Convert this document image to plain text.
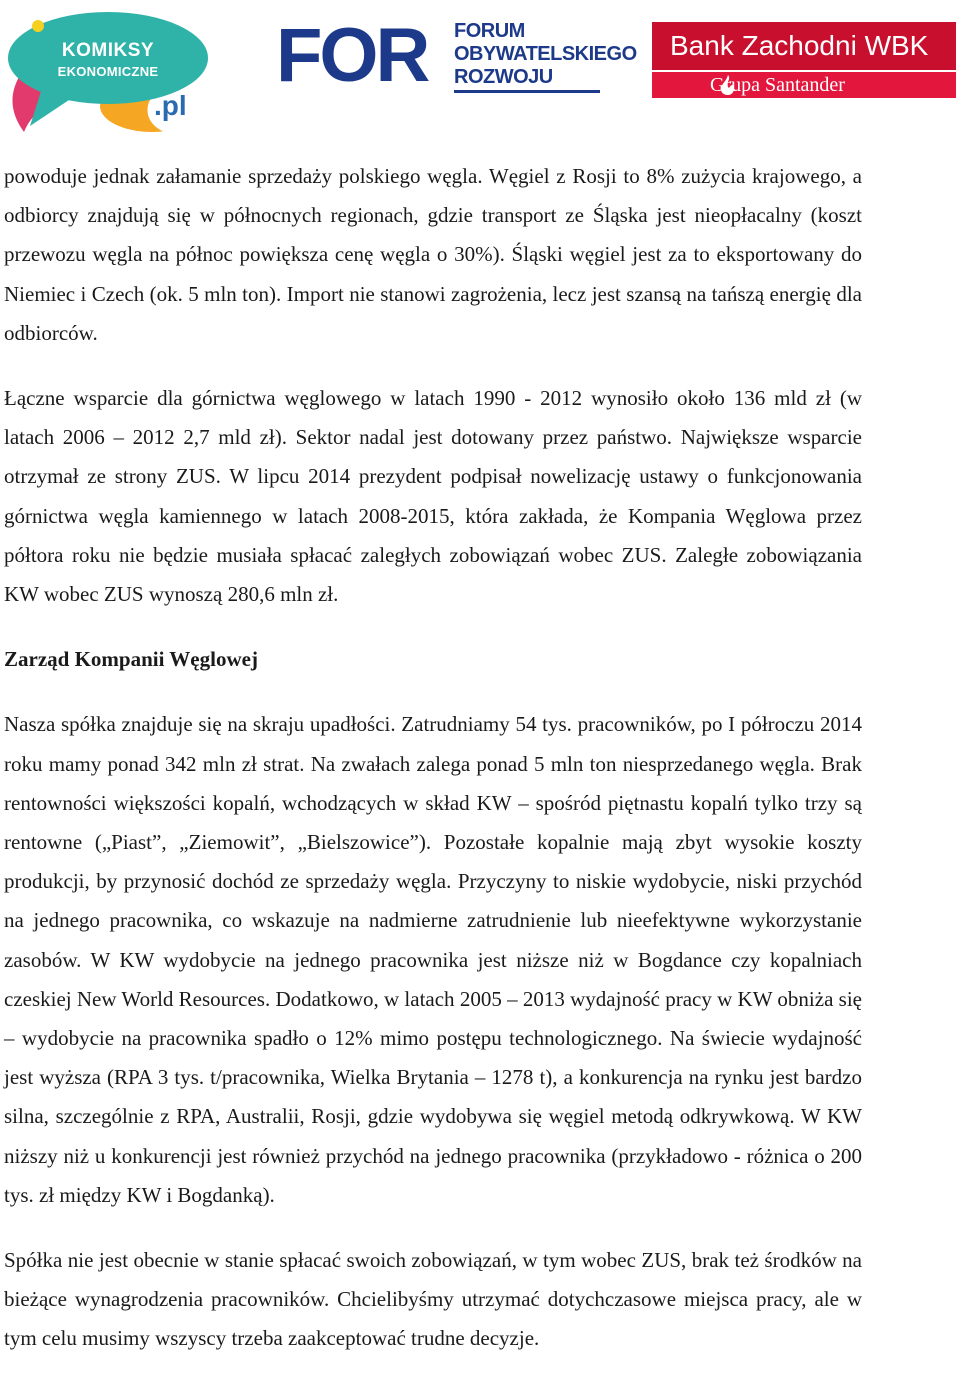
KOMIKSY
EKONOMICZNE
.pl
FOR FORUM
OBYWATELSKIEGO
ROZWOJU
Bank Zachodni WBK
Grupa Santander

powoduje jednak załamanie sprzedaży polskiego węgla. Węgiel z Rosji to 8% zużycia krajowego, a odbiorcy znajdują się w północnych regionach, gdzie transport ze Śląska jest nieopłacalny (koszt przewozu węgla na północ powiększa cenę węgla o 30%). Śląski węgiel jest za to eksportowany do Niemiec i Czech (ok. 5 mln ton). Import nie stanowi zagrożenia, lecz jest szansą na tańszą energię dla odbiorców.

Łączne wsparcie dla górnictwa węglowego w latach 1990 - 2012 wynosiło około 136 mld zł (w latach 2006 – 2012 2,7 mld zł). Sektor nadal jest dotowany przez państwo. Największe wsparcie otrzymał ze strony ZUS. W lipcu 2014 prezydent podpisał nowelizację ustawy o funkcjonowania górnictwa węgla kamiennego w latach 2008-2015, która zakłada, że Kompania Węglowa przez półtora roku nie będzie musiała spłacać zaległych zobowiązań wobec ZUS. Zaległe zobowiązania KW wobec ZUS wynoszą 280,6 mln zł.

Zarząd Kompanii Węglowej

Nasza spółka znajduje się na skraju upadłości. Zatrudniamy 54 tys. pracowników, po I półroczu 2014 roku mamy ponad 342 mln zł strat. Na zwałach zalega ponad 5 mln ton niesprzedanego węgla. Brak rentowności większości kopalń, wchodzących w skład KW – spośród piętnastu kopalń tylko trzy są rentowne („Piast”, „Ziemowit”, „Bielszowice”). Pozostałe kopalnie mają zbyt wysokie koszty produkcji, by przynosić dochód ze sprzedaży węgla. Przyczyny to niskie wydobycie, niski przychód na jednego pracownika, co wskazuje na nadmierne zatrudnienie lub nieefektywne wykorzystanie zasobów. W KW wydobycie na jednego pracownika jest niższe niż w Bogdance czy kopalniach czeskiej New World Resources. Dodatkowo, w latach 2005 – 2013 wydajność pracy w KW obniża się – wydobycie na pracownika spadło o 12% mimo postępu technologicznego. Na świecie wydajność jest wyższa (RPA 3 tys. t/pracownika, Wielka Brytania – 1278 t), a konkurencja na rynku jest bardzo silna, szczególnie z RPA, Australii, Rosji, gdzie wydobywa się węgiel metodą odkrywkową. W KW niższy niż u konkurencji jest również przychód na jednego pracownika (przykładowo - różnica o 200 tys. zł między KW i Bogdanką).

Spółka nie jest obecnie w stanie spłacać swoich zobowiązań, w tym wobec ZUS, brak też środków na bieżące wynagrodzenia pracowników. Chcielibyśmy utrzymać dotychczasowe miejsca pracy, ale w tym celu musimy wszyscy trzeba zaakceptować trudne decyzje.
